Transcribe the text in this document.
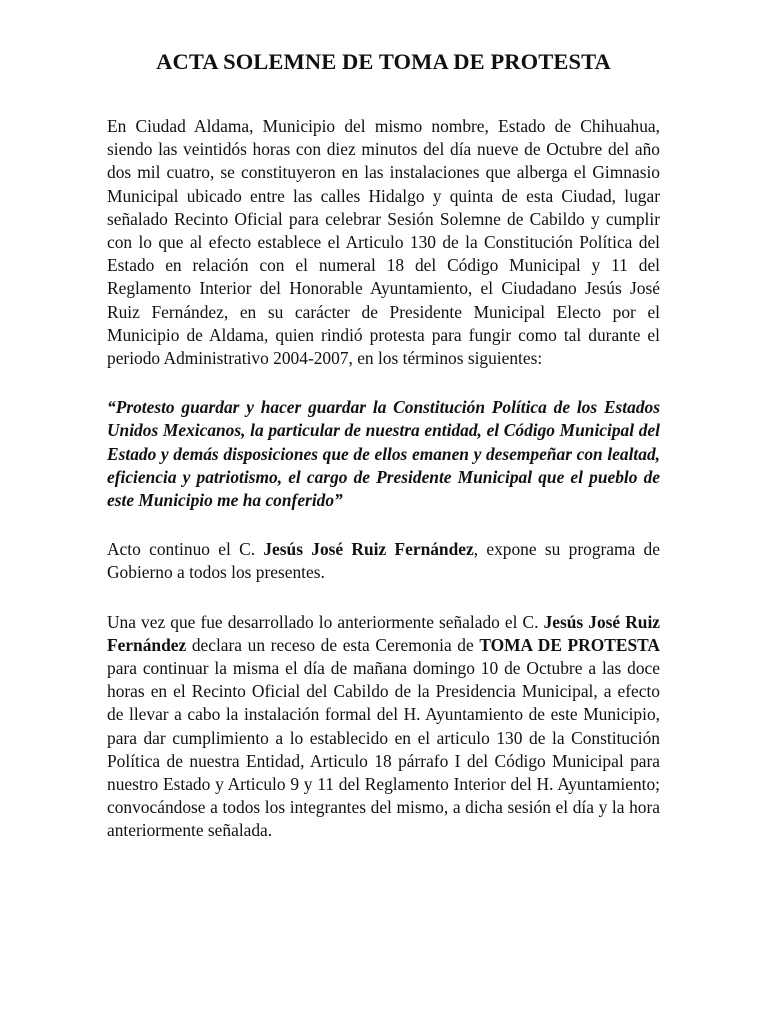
ACTA SOLEMNE DE TOMA DE PROTESTA

En Ciudad Aldama, Municipio del mismo nombre, Estado de Chihuahua, siendo las veintidós horas con diez minutos del día nueve de Octubre del año dos mil cuatro, se constituyeron en las instalaciones que alberga el Gimnasio Municipal ubicado entre las calles Hidalgo y quinta de esta Ciudad, lugar señalado Recinto Oficial para celebrar Sesión Solemne de Cabildo y cumplir con lo que al efecto establece el Articulo 130 de la Constitución Política del Estado en relación con el numeral 18 del Código Municipal y 11 del Reglamento Interior del Honorable Ayuntamiento, el Ciudadano Jesús José Ruiz Fernández, en su carácter de Presidente Municipal Electo por el Municipio de Aldama, quien rindió protesta para fungir como tal durante el periodo Administrativo 2004-2007, en los términos siguientes:

“Protesto guardar y hacer guardar la Constitución Política de los Estados Unidos Mexicanos, la particular de nuestra entidad, el Código Municipal del Estado y demás disposiciones que de ellos emanen y desempeñar con lealtad, eficiencia y patriotismo, el cargo de Presidente Municipal que el pueblo de este Municipio me ha conferido”

Acto continuo el C. Jesús José Ruiz Fernández, expone su programa de Gobierno a todos los presentes.

Una vez que fue desarrollado lo anteriormente señalado el C. Jesús José Ruiz Fernández declara un receso de esta Ceremonia de TOMA DE PROTESTA para continuar la misma el día de mañana domingo 10 de Octubre a las doce horas en el Recinto Oficial del Cabildo de la Presidencia Municipal, a efecto de llevar a cabo la instalación formal del H. Ayuntamiento de este Municipio, para dar cumplimiento a lo establecido en el articulo 130 de la Constitución Política de nuestra Entidad, Articulo 18 párrafo I del Código Municipal para nuestro Estado y Articulo 9 y 11 del Reglamento Interior del H. Ayuntamiento; convocándose a todos los integrantes del mismo, a dicha sesión el día y la hora anteriormente señalada.
